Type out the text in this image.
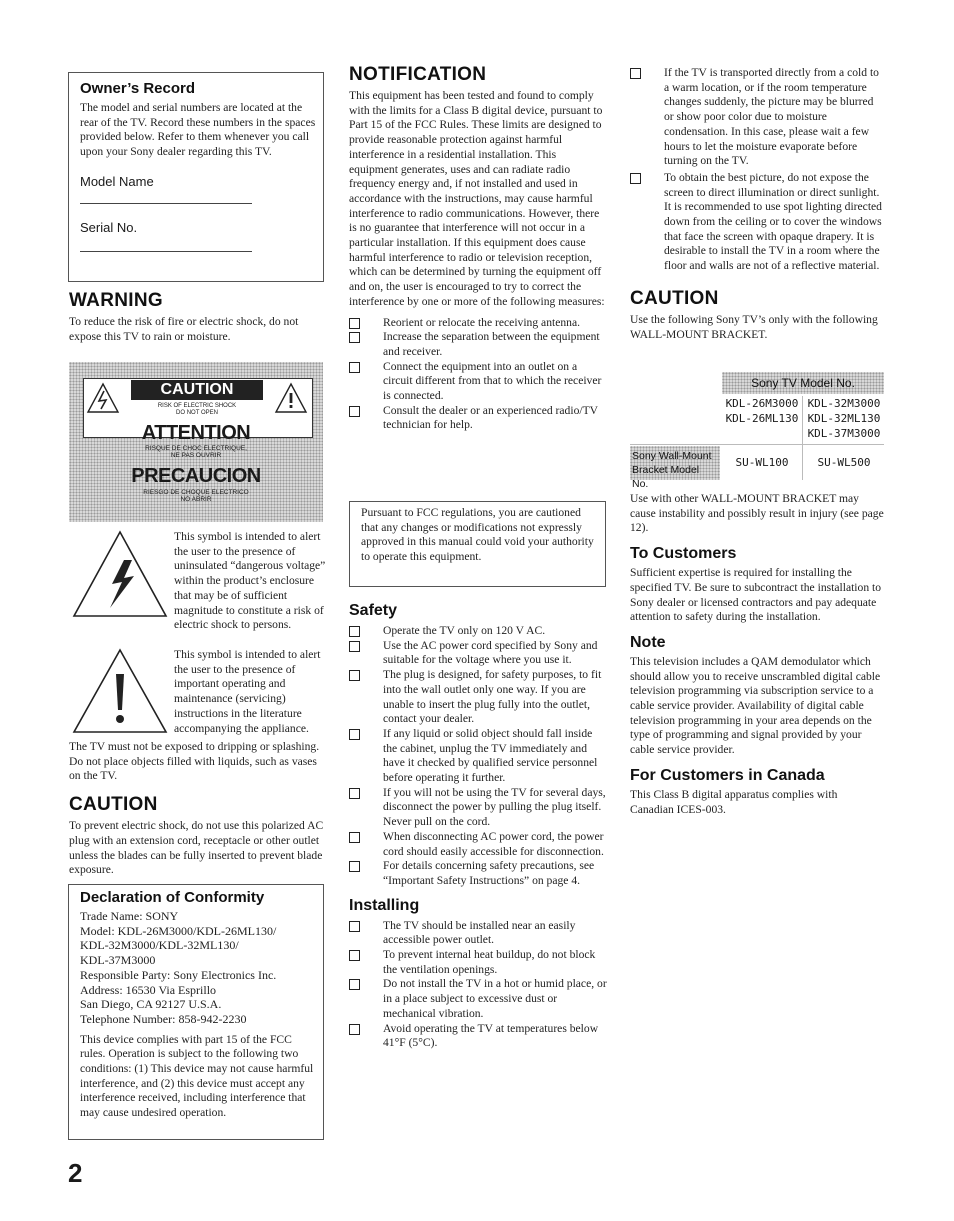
Owner’s Record

The model and serial numbers are located at the rear of the TV. Record these numbers in the spaces provided below. Refer to them whenever you call upon your Sony dealer regarding this TV.

Model Name

Serial No.

WARNING

To reduce the risk of fire or electric shock, do not expose this TV to rain or moisture.

CAUTION
RISK OF ELECTRIC SHOCK
DO NOT OPEN
ATTENTION
RISQUE DE CHOC ELECTRIQUE,
NE PAS OUVRIR
PRECAUCION
RIESGO DE CHOQUE ELECTRICO
NO ABRIR

This symbol is intended to alert the user to the presence of uninsulated “dangerous voltage” within the product’s enclosure that may be of sufficient magnitude to constitute a risk of electric shock to persons.

This symbol is intended to alert the user to the presence of important operating and maintenance (servicing) instructions in the literature accompanying the appliance.

The TV must not be exposed to dripping or splashing. Do not place objects filled with liquids, such as vases on the TV.

CAUTION

To prevent electric shock, do not use this polarized AC plug with an extension cord, receptacle or other outlet unless the blades can be fully inserted to prevent blade exposure.

Declaration of Conformity
Trade Name: SONY
Model: KDL-26M3000/KDL-26ML130/
KDL-32M3000/KDL-32ML130/
KDL-37M3000
Responsible Party: Sony Electronics Inc.
Address: 16530 Via Esprillo
San Diego, CA 92127 U.S.A.
Telephone Number: 858-942-2230

This device complies with part 15 of the FCC rules. Operation is subject to the following two conditions: (1) This device may not cause harmful interference, and (2) this device must accept any interference received, including interference that may cause undesired operation.

2
NOTIFICATION

This equipment has been tested and found to comply with the limits for a Class B digital device, pursuant to Part 15 of the FCC Rules. These limits are designed to provide reasonable protection against harmful interference in a residential installation. This equipment generates, uses and can radiate radio frequency energy and, if not installed and used in accordance with the instructions, may cause harmful interference to radio communications. However, there is no guarantee that interference will not occur in a particular installation. If this equipment does cause harmful interference to radio or television reception, which can be determined by turning the equipment off and on, the user is encouraged to try to correct the interference by one or more of the following measures:

Reorient or relocate the receiving antenna.
Increase the separation between the equipment and receiver.
Connect the equipment into an outlet on a circuit different from that to which the receiver is connected.
Consult the dealer or an experienced radio/TV technician for help.

Pursuant to FCC regulations, you are cautioned that any changes or modifications not expressly approved in this manual could void your authority to operate this equipment.

Safety
Operate the TV only on 120 V AC.
Use the AC power cord specified by Sony and suitable for the voltage where you use it.
The plug is designed, for safety purposes, to fit into the wall outlet only one way. If you are unable to insert the plug fully into the outlet, contact your dealer.
If any liquid or solid object should fall inside the cabinet, unplug the TV immediately and have it checked by qualified service personnel before operating it further.
If you will not be using the TV for several days, disconnect the power by pulling the plug itself. Never pull on the cord.
When disconnecting AC power cord, the power cord should easily accessible for disconnection.
For details concerning safety precautions, see “Important Safety Instructions” on page 4.
Installing
The TV should be installed near an easily accessible power outlet.
To prevent internal heat buildup, do not block the ventilation openings.
Do not install the TV in a hot or humid place, or in a place subject to excessive dust or mechanical vibration.
Avoid operating the TV at temperatures below 41°F (5°C).
If the TV is transported directly from a cold to a warm location, or if the room temperature changes suddenly, the picture may be blurred or show poor color due to moisture condensation. In this case, please wait a few hours to let the moisture evaporate before turning on the TV.
To obtain the best picture, do not expose the screen to direct illumination or direct sunlight. It is recommended to use spot lighting directed down from the ceiling or to cover the windows that face the screen with opaque drapery. It is desirable to install the TV in a room where the floor and walls are not of a reflective material.
CAUTION

Use the following Sony TV’s only with the following WALL-MOUNT BRACKET.

Sony TV Model No.
KDL-26M3000
KDL-26ML130
KDL-32M3000
KDL-32ML130
KDL-37M3000
Sony Wall-Mount Bracket Model No.
SU-WL100	SU-WL500

Use with other WALL-MOUNT BRACKET may cause instability and possibly result in injury (see page 12).

To Customers

Sufficient expertise is required for installing the specified TV. Be sure to subcontract the installation to Sony dealer or licensed contractors and pay adequate attention to safety during the installation.

Note

This television includes a QAM demodulator which should allow you to receive unscrambled digital cable television programming via subscription service to a cable service provider. Availability of digital cable television programming in your area depends on the type of programming and signal provided by your cable service provider.

For Customers in Canada

This Class B digital apparatus complies with Canadian ICES-003.
